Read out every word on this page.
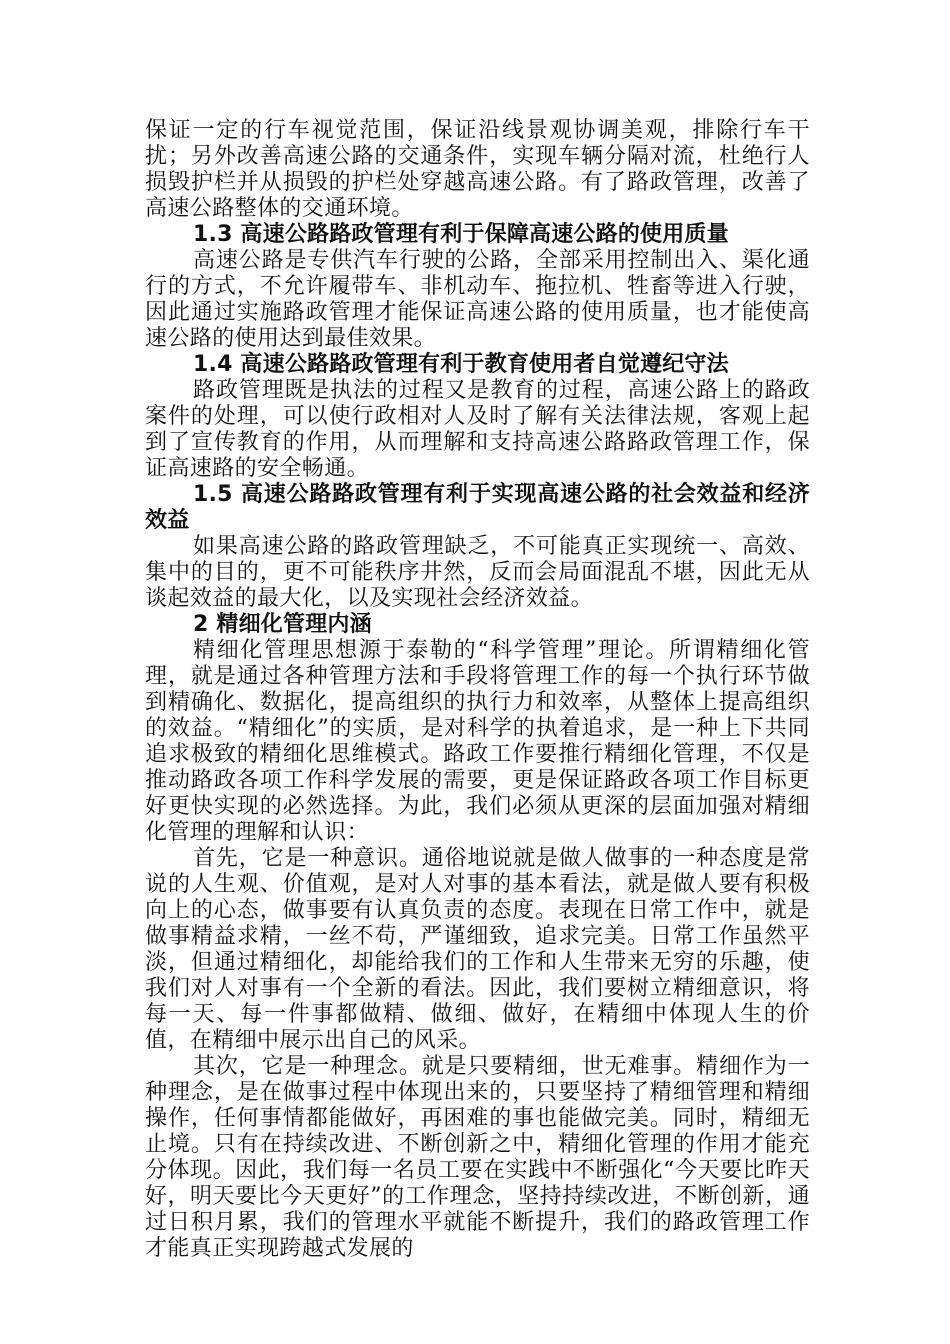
保证一定的行车视觉范围，保证沿线景观协调美观，排除行车干扰；另外改善高速公路的交通条件，实现车辆分隔对流，杜绝行人损毁护栏并从损毁的护栏处穿越高速公路。有了路政管理，改善了高速公路整体的交通环境。

1.3 高速公路路政管理有利于保障高速公路的使用质量

高速公路是专供汽车行驶的公路，全部采用控制出入、渠化通行的方式，不允许履带车、非机动车、拖拉机、牲畜等进入行驶，因此通过实施路政管理才能保证高速公路的使用质量，也才能使高速公路的使用达到最佳效果。

1.4 高速公路路政管理有利于教育使用者自觉遵纪守法

路政管理既是执法的过程又是教育的过程，高速公路上的路政案件的处理，可以使行政相对人及时了解有关法律法规，客观上起到了宣传教育的作用，从而理解和支持高速公路路政管理工作，保证高速路的安全畅通。

1.5 高速公路路政管理有利于实现高速公路的社会效益和经济效益

如果高速公路的路政管理缺乏，不可能真正实现统一、高效、集中的目的，更不可能秩序井然，反而会局面混乱不堪，因此无从谈起效益的最大化，以及实现社会经济效益。

2 精细化管理内涵

精细化管理思想源于泰勒的“科学管理”理论。所谓精细化管理，就是通过各种管理方法和手段将管理工作的每一个执行环节做到精确化、数据化，提高组织的执行力和效率，从整体上提高组织的效益。“精细化”的实质，是对科学的执着追求，是一种上下共同追求极致的精细化思维模式。路政工作要推行精细化管理，不仅是推动路政各项工作科学发展的需要，更是保证路政各项工作目标更好更快实现的必然选择。为此，我们必须从更深的层面加强对精细化管理的理解和认识：

首先，它是一种意识。通俗地说就是做人做事的一种态度是常说的人生观、价值观，是对人对事的基本看法，就是做人要有积极向上的心态，做事要有认真负责的态度。表现在日常工作中，就是做事精益求精，一丝不苟，严谨细致，追求完美。日常工作虽然平淡，但通过精细化，却能给我们的工作和人生带来无穷的乐趣，使我们对人对事有一个全新的看法。因此，我们要树立精细意识，将每一天、每一件事都做精、做细、做好，在精细中体现人生的价值，在精细中展示出自己的风采。

其次，它是一种理念。就是只要精细，世无难事。精细作为一种理念，是在做事过程中体现出来的，只要坚持了精细管理和精细操作，任何事情都能做好，再困难的事也能做完美。同时，精细无止境。只有在持续改进、不断创新之中，精细化管理的作用才能充分体现。因此，我们每一名员工要在实践中不断强化“今天要比昨天好，明天要比今天更好”的工作理念，坚持持续改进，不断创新，通过日积月累，我们的管理水平就能不断提升，我们的路政管理工作才能真正实现跨越式发展的
